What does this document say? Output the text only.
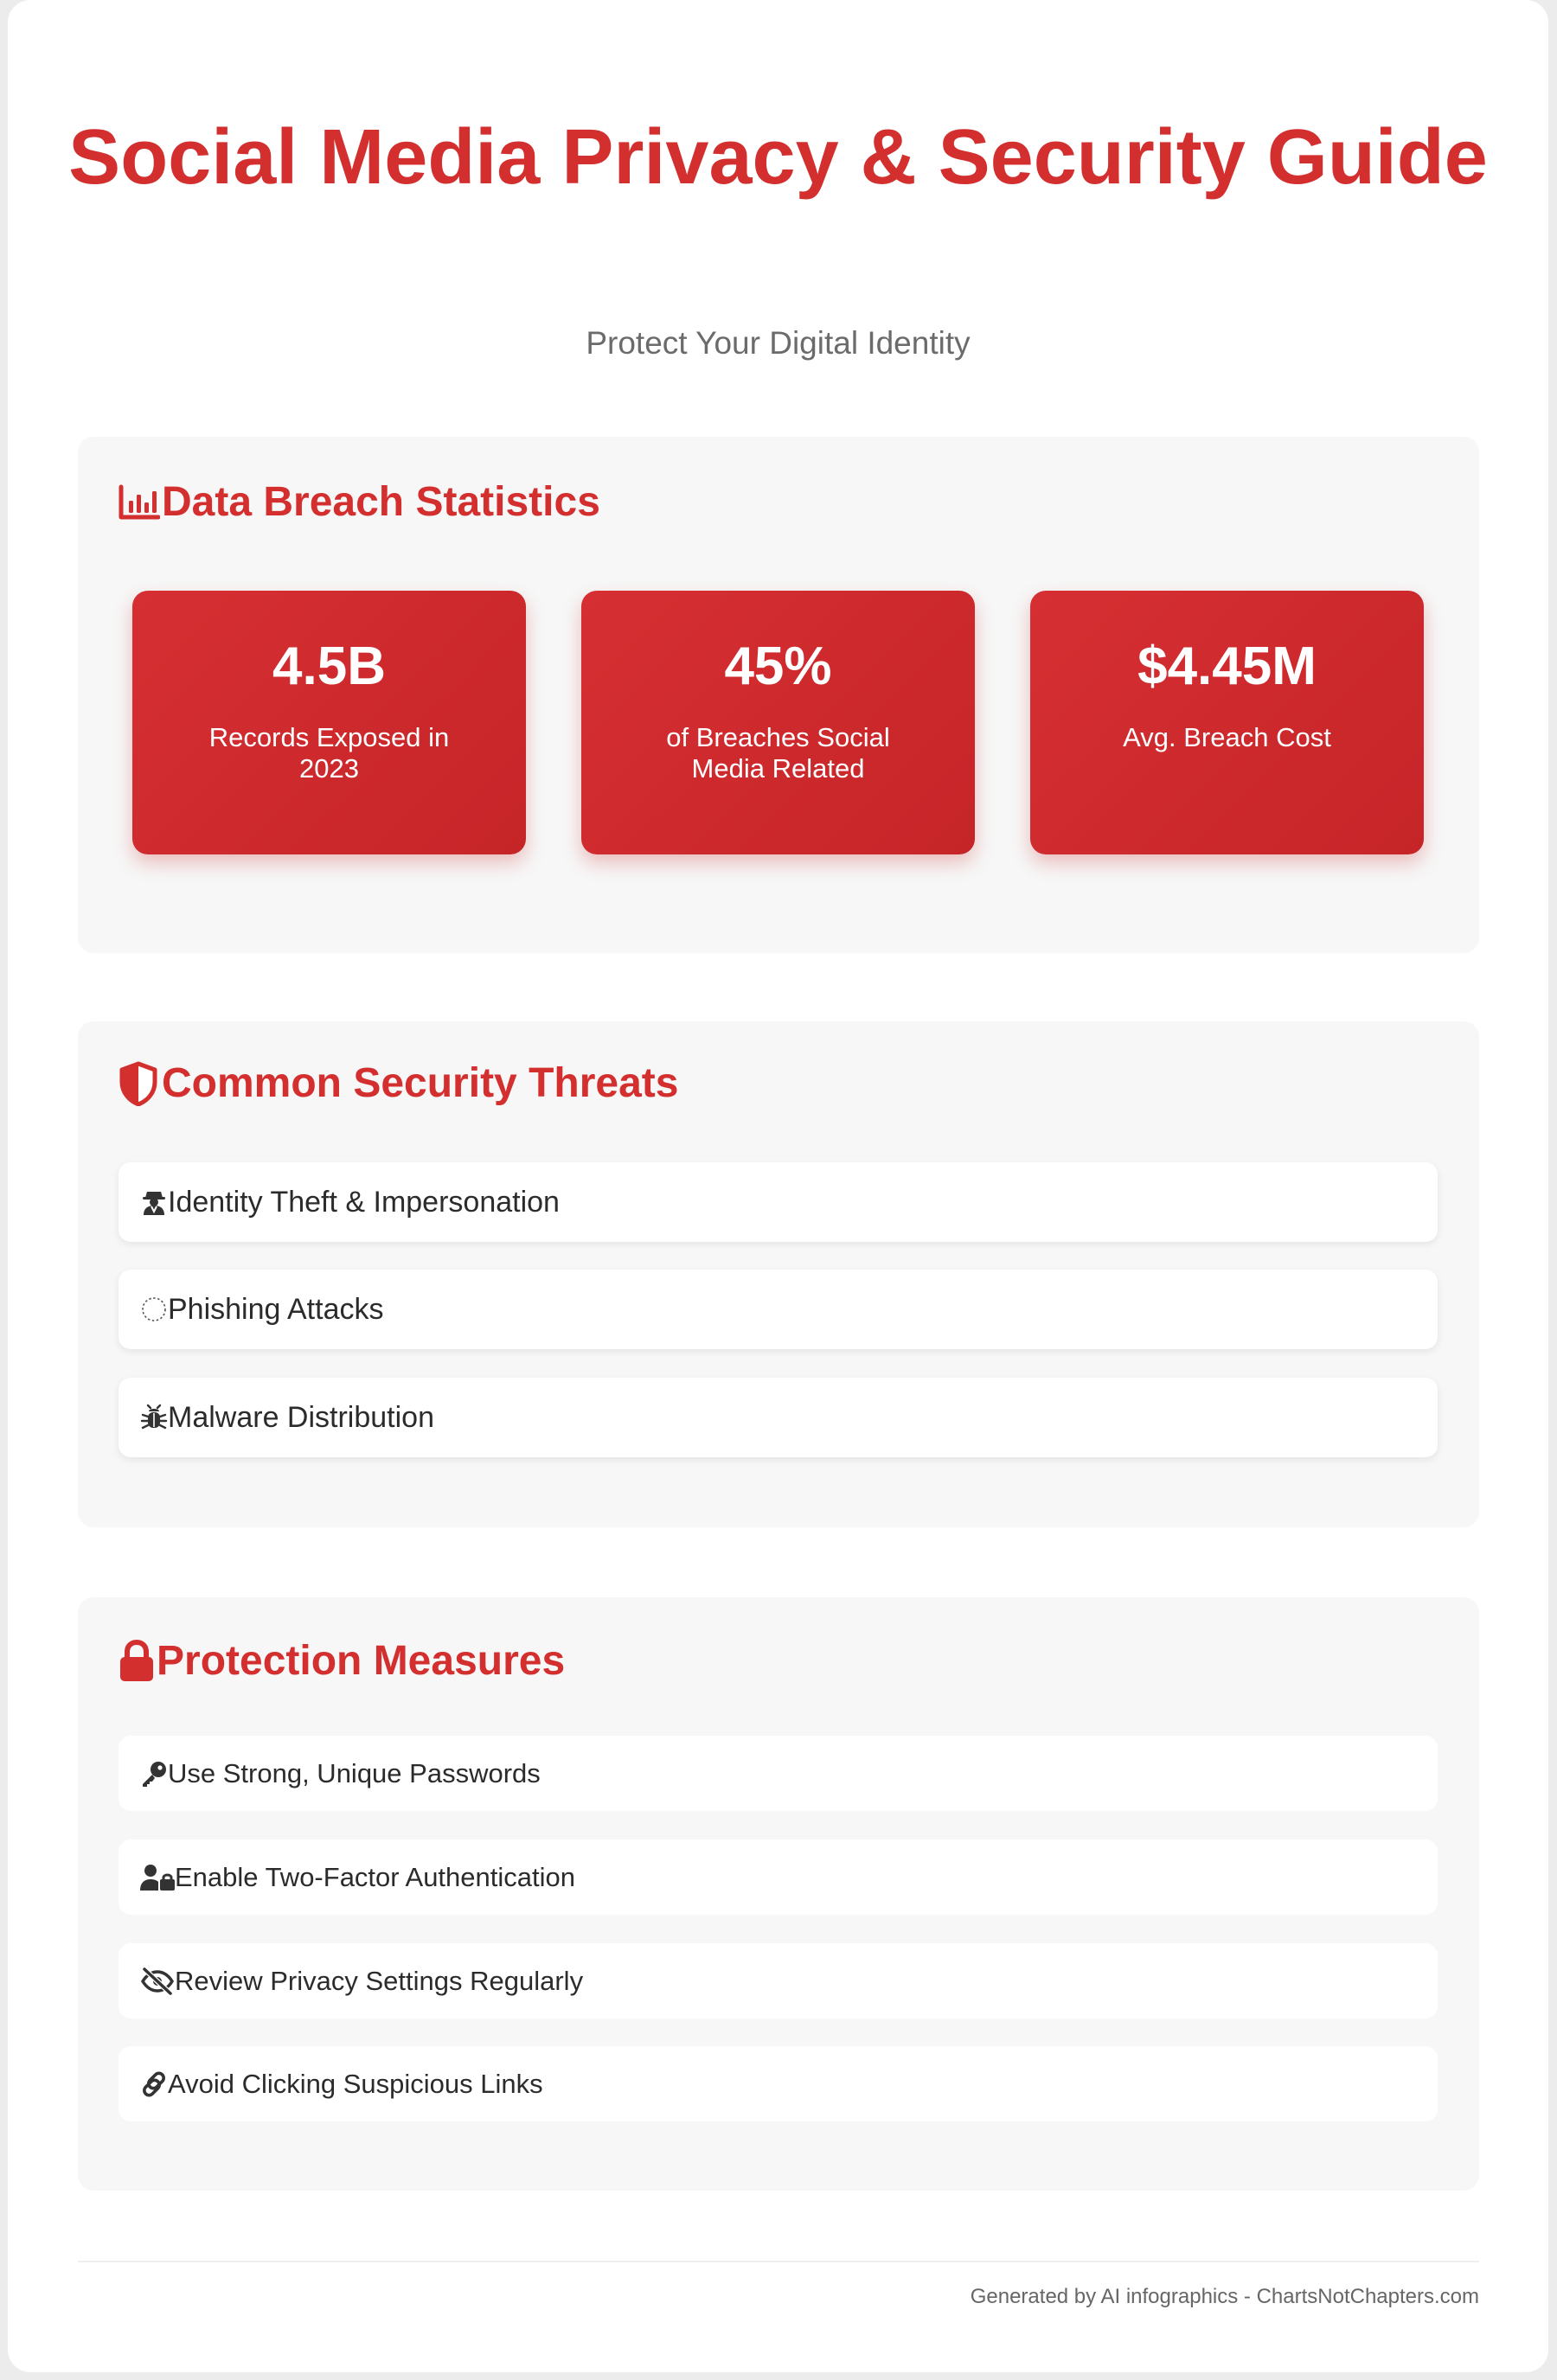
Social Media Privacy & Security Guide

Protect Your Digital Identity

Data Breach Statistics
4.5B
Records Exposed in 2023
45%
of Breaches Social Media Related
$4.45M
Avg. Breach Cost
Common Security Threats
Identity Theft & Impersonation
Phishing Attacks
Malware Distribution
Protection Measures
Use Strong, Unique Passwords
Enable Two-Factor Authentication
Review Privacy Settings Regularly
Avoid Clicking Suspicious Links
Generated by AI infographics - ChartsNotChapters.com
